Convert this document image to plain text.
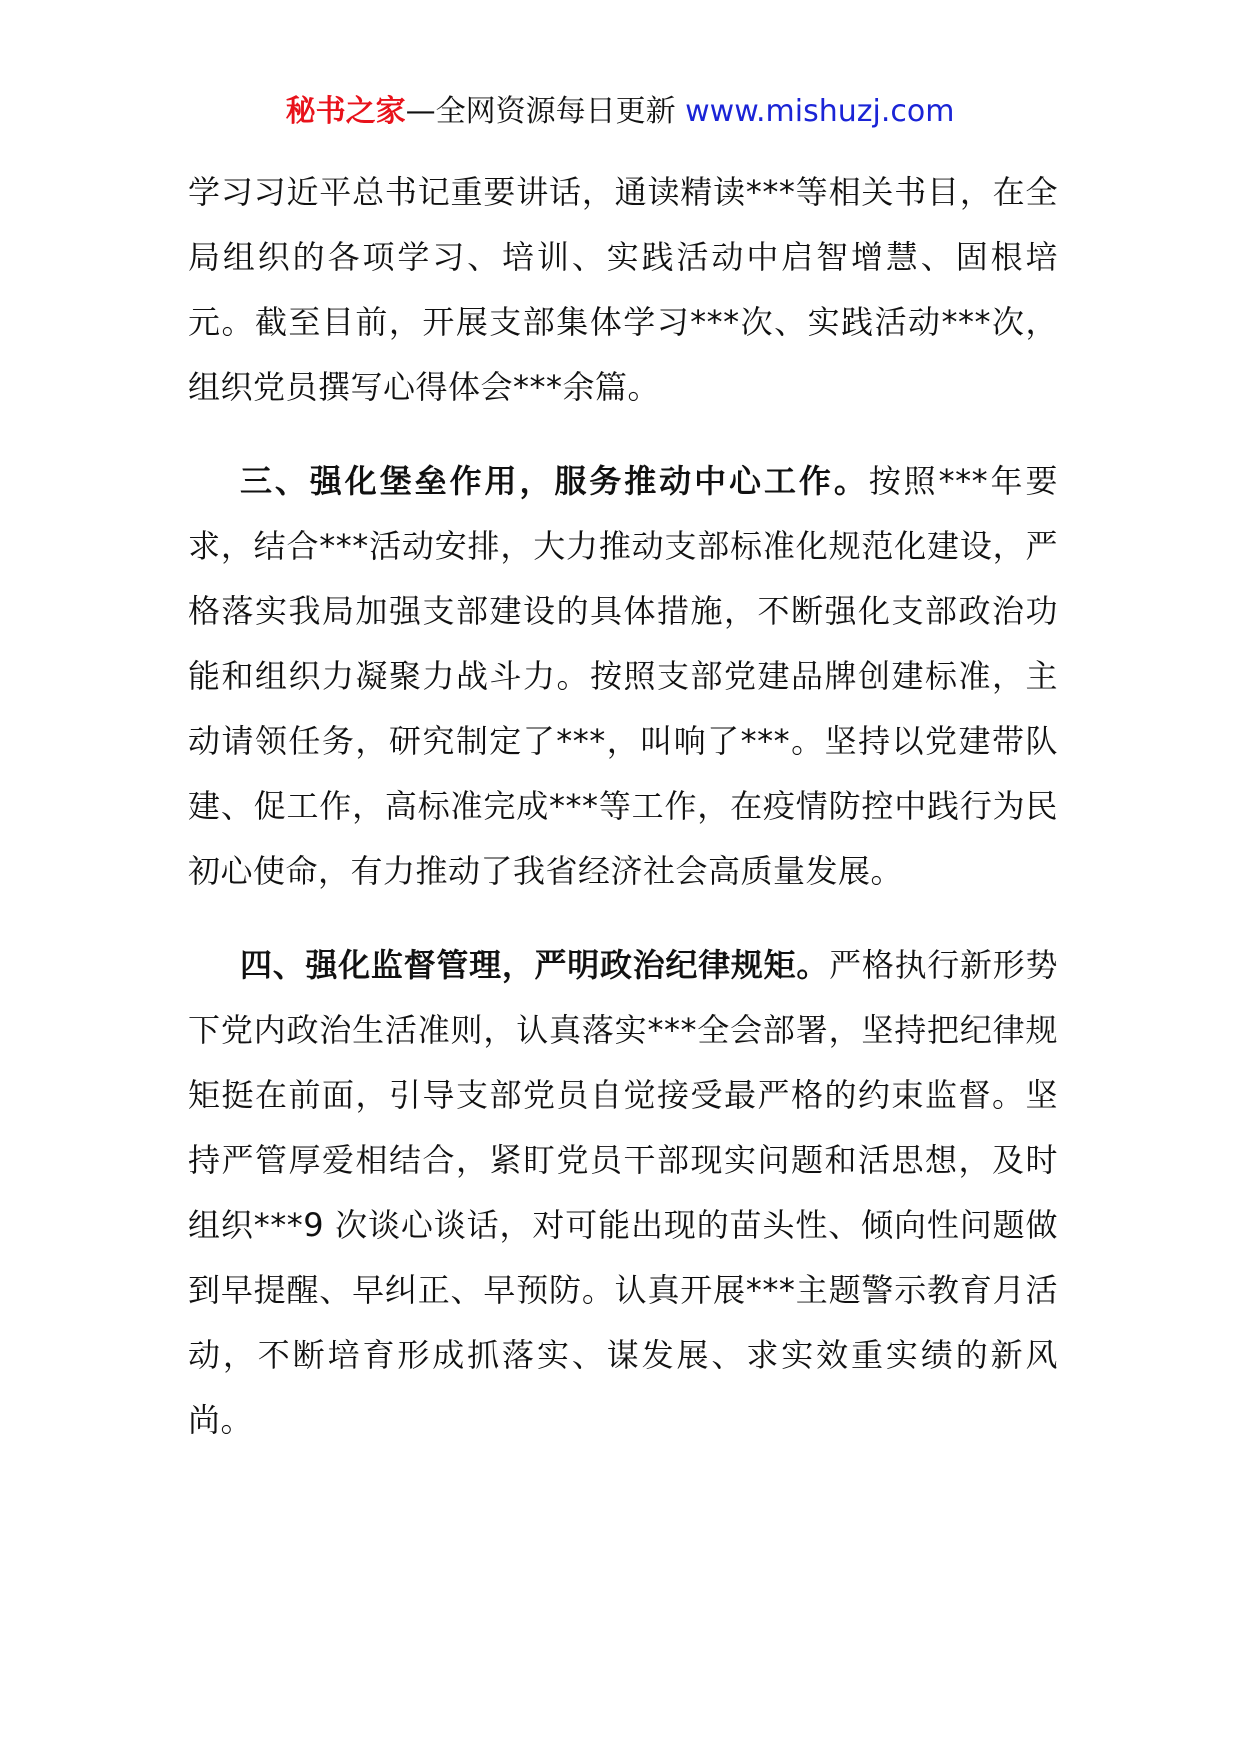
秘书之家—全网资源每日更新 www.mishuzj.com

学习习近平总书记重要讲话，通读精读***等相关书目，在全局组织的各项学习、培训、实践活动中启智增慧、固根培元。截至目前，开展支部集体学习***次、实践活动***次，组织党员撰写心得体会***余篇。

三、强化堡垒作用，服务推动中心工作。按照***年要求，结合***活动安排，大力推动支部标准化规范化建设，严格落实我局加强支部建设的具体措施，不断强化支部政治功能和组织力凝聚力战斗力。按照支部党建品牌创建标准，主动请领任务，研究制定了***，叫响了***。坚持以党建带队建、促工作，高标准完成***等工作，在疫情防控中践行为民初心使命，有力推动了我省经济社会高质量发展。

四、强化监督管理，严明政治纪律规矩。严格执行新形势下党内政治生活准则，认真落实***全会部署，坚持把纪律规矩挺在前面，引导支部党员自觉接受最严格的约束监督。坚持严管厚爱相结合，紧盯党员干部现实问题和活思想，及时组织***9 次谈心谈话，对可能出现的苗头性、倾向性问题做到早提醒、早纠正、早预防。认真开展***主题警示教育月活动，不断培育形成抓落实、谋发展、求实效重实绩的新风尚。
